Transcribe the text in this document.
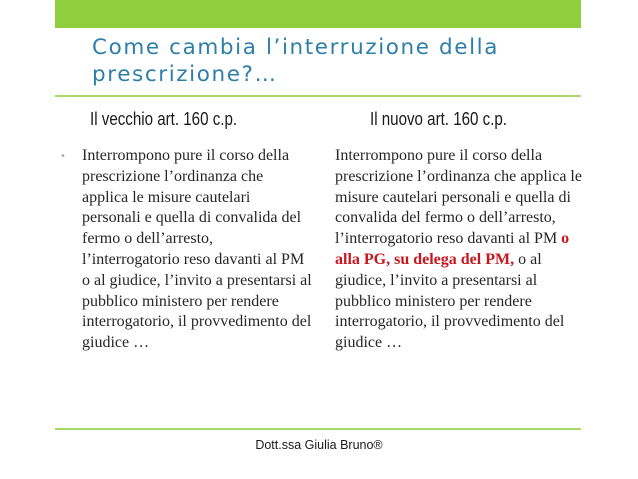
Come cambia l’interruzione della prescrizione?…
Il vecchio art. 160 c.p.	Il nuovo art. 160 c.p.
• Interrompono pure il corso della prescrizione l’ordinanza che applica le misure cautelari personali e quella di convalida del fermo o dell’arresto, l’interrogatorio reso davanti al PM o al giudice, l’invito a presentarsi al pubblico ministero per rendere interrogatorio, il provvedimento del giudice …

Interrompono pure il corso della prescrizione l’ordinanza che applica le misure cautelari personali e quella di convalida del fermo o dell’arresto, l’interrogatorio reso davanti al PM o alla PG, su delega del PM, o al giudice, l’invito a presentarsi al pubblico ministero per rendere interrogatorio, il provvedimento del giudice …

Dott.ssa Giulia Bruno®
